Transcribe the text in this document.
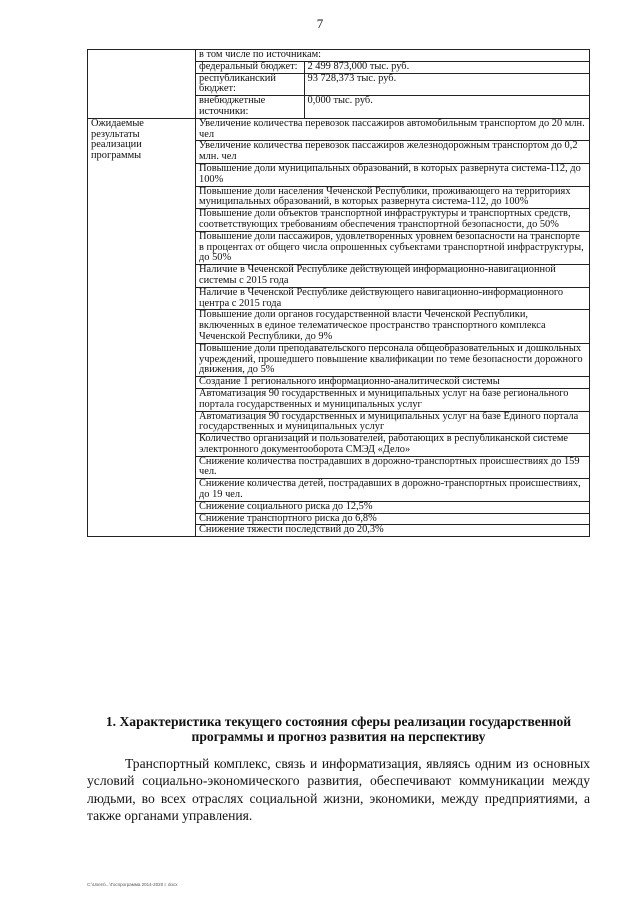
7
	в том числе по источникам:

федеральный бюджет:	2 499 873,000 тыс. руб.
республиканский бюджет:	93 728,373 тыс. руб.
внебюджетные источники:	0,000 тыс. руб.

Ожидаемые результаты реализации программы	Увеличение количества перевозок пассажиров автомобильным транспортом до 20 млн. чел
Увеличение количества перевозок пассажиров железнодорожным транспортом до 0,2 млн. чел
Повышение доли муниципальных образований, в которых развернута система-112, до 100%
Повышение доли населения Чеченской Республики, проживающего на территориях муниципальных образований, в которых развернута система-112, до 100%
Повышение доли объектов транспортной инфраструктуры и транспортных средств, соответствующих требованиям обеспечения транспортной безопасности, до 50%
Повышение доли пассажиров, удовлетворенных уровнем безопасности на транспорте в процентах от общего числа опрошенных субъектами транспортной инфраструктуры, до 50%
Наличие в Чеченской Республике действующей информационно-навигационной системы с 2015 года
Наличие в Чеченской Республике действующего навигационно-информационного центра с 2015 года
Повышение доли органов государственной власти Чеченской Республики, включенных в единое телематическое пространство транспортного комплекса Чеченской Республики, до 9%
Повышение доли преподавательского персонала общеобразовательных и дошкольных учреждений, прошедшего повышение квалификации по теме безопасности дорожного движения, до 5%
Создание 1 регионального информационно-аналитической системы
Автоматизация 90 государственных и муниципальных услуг на базе регионального портала государственных и муниципальных услуг
Автоматизация 90 государственных и муниципальных услуг на базе Единого портала государственных и муниципальных услуг
Количество организаций и пользователей, работающих в республиканской системе электронного документооборота СМЭД «Дело»
Снижение количества пострадавших в дорожно-транспортных происшествиях до 159 чел.
Снижение количества детей, пострадавших в дорожно-транспортных происшествиях, до 19 чел.
Снижение социального риска до 12,5%
Снижение транспортного риска до 6,8%
Снижение тяжести последствий до 20,3%
1. Характеристика текущего состояния сферы реализации государственной программы и прогноз развития на перспективу

Транспортный комплекс, связь и информатизация, являясь одним из основных условий социально-экономического развития, обеспечивают коммуникации между людьми, во всех отраслях социальной жизни, экономики, между предприятиями, а также органами управления.

С:\Users\...\Госпрограмма 2014-2020 г. docx
